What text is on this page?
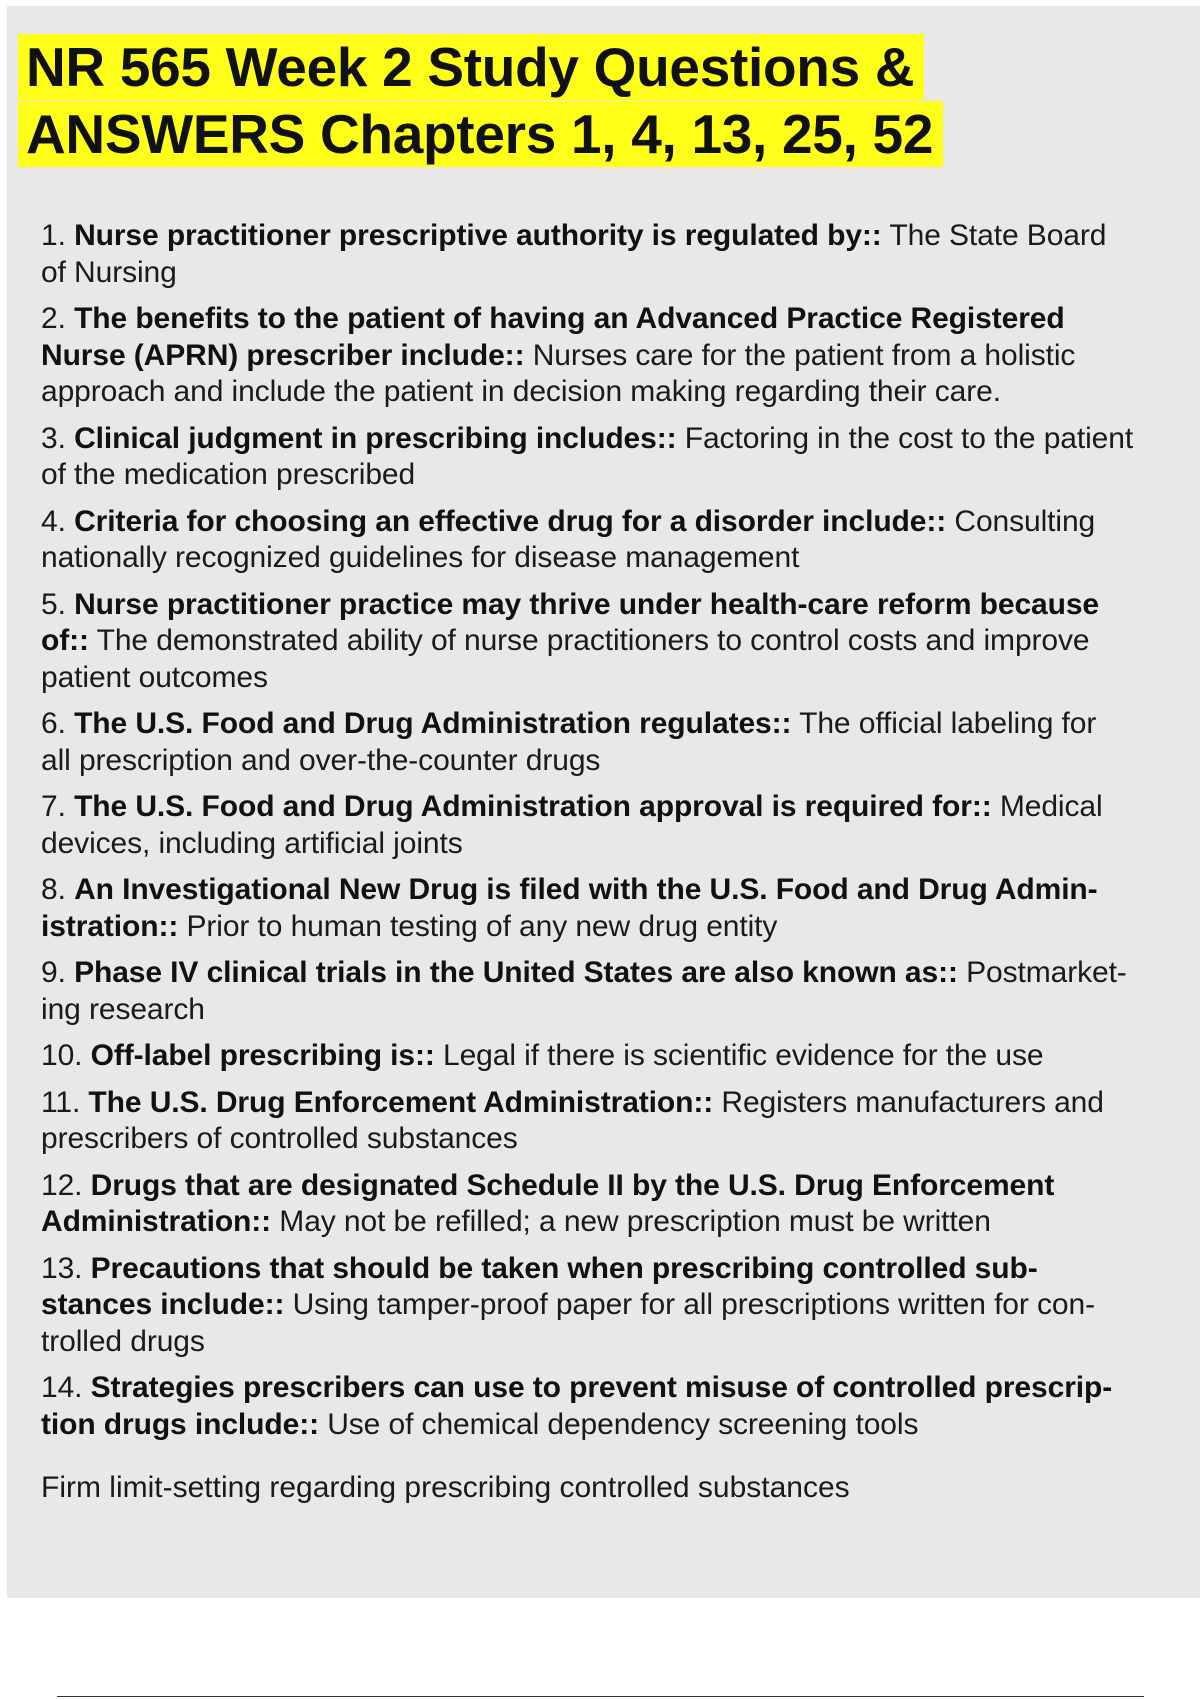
NR 565 Week 2 Study Questions &
ANSWERS Chapters 1, 4, 13, 25, 52
1. Nurse practitioner prescriptive authority is regulated by:: The State Board
of Nursing
2. The benefits to the patient of having an Advanced Practice Registered
Nurse (APRN) prescriber include:: Nurses care for the patient from a holistic
approach and include the patient in decision making regarding their care.
3. Clinical judgment in prescribing includes:: Factoring in the cost to the patient
of the medication prescribed
4. Criteria for choosing an effective drug for a disorder include:: Consulting
nationally recognized guidelines for disease management
5. Nurse practitioner practice may thrive under health-care reform because
of:: The demonstrated ability of nurse practitioners to control costs and improve
patient outcomes
6. The U.S. Food and Drug Administration regulates:: The official labeling for
all prescription and over-the-counter drugs
7. The U.S. Food and Drug Administration approval is required for:: Medical
devices, including artificial joints
8. An Investigational New Drug is filed with the U.S. Food and Drug Admin-
istration:: Prior to human testing of any new drug entity
9. Phase IV clinical trials in the United States are also known as:: Postmarket-
ing research
10. Off-label prescribing is:: Legal if there is scientific evidence for the use
11. The U.S. Drug Enforcement Administration:: Registers manufacturers and
prescribers of controlled substances
12. Drugs that are designated Schedule II by the U.S. Drug Enforcement
Administration:: May not be refilled; a new prescription must be written
13. Precautions that should be taken when prescribing controlled sub-
stances include:: Using tamper-proof paper for all prescriptions written for con-
trolled drugs
14. Strategies prescribers can use to prevent misuse of controlled prescrip-
tion drugs include:: Use of chemical dependency screening tools

Firm limit-setting regarding prescribing controlled substances
